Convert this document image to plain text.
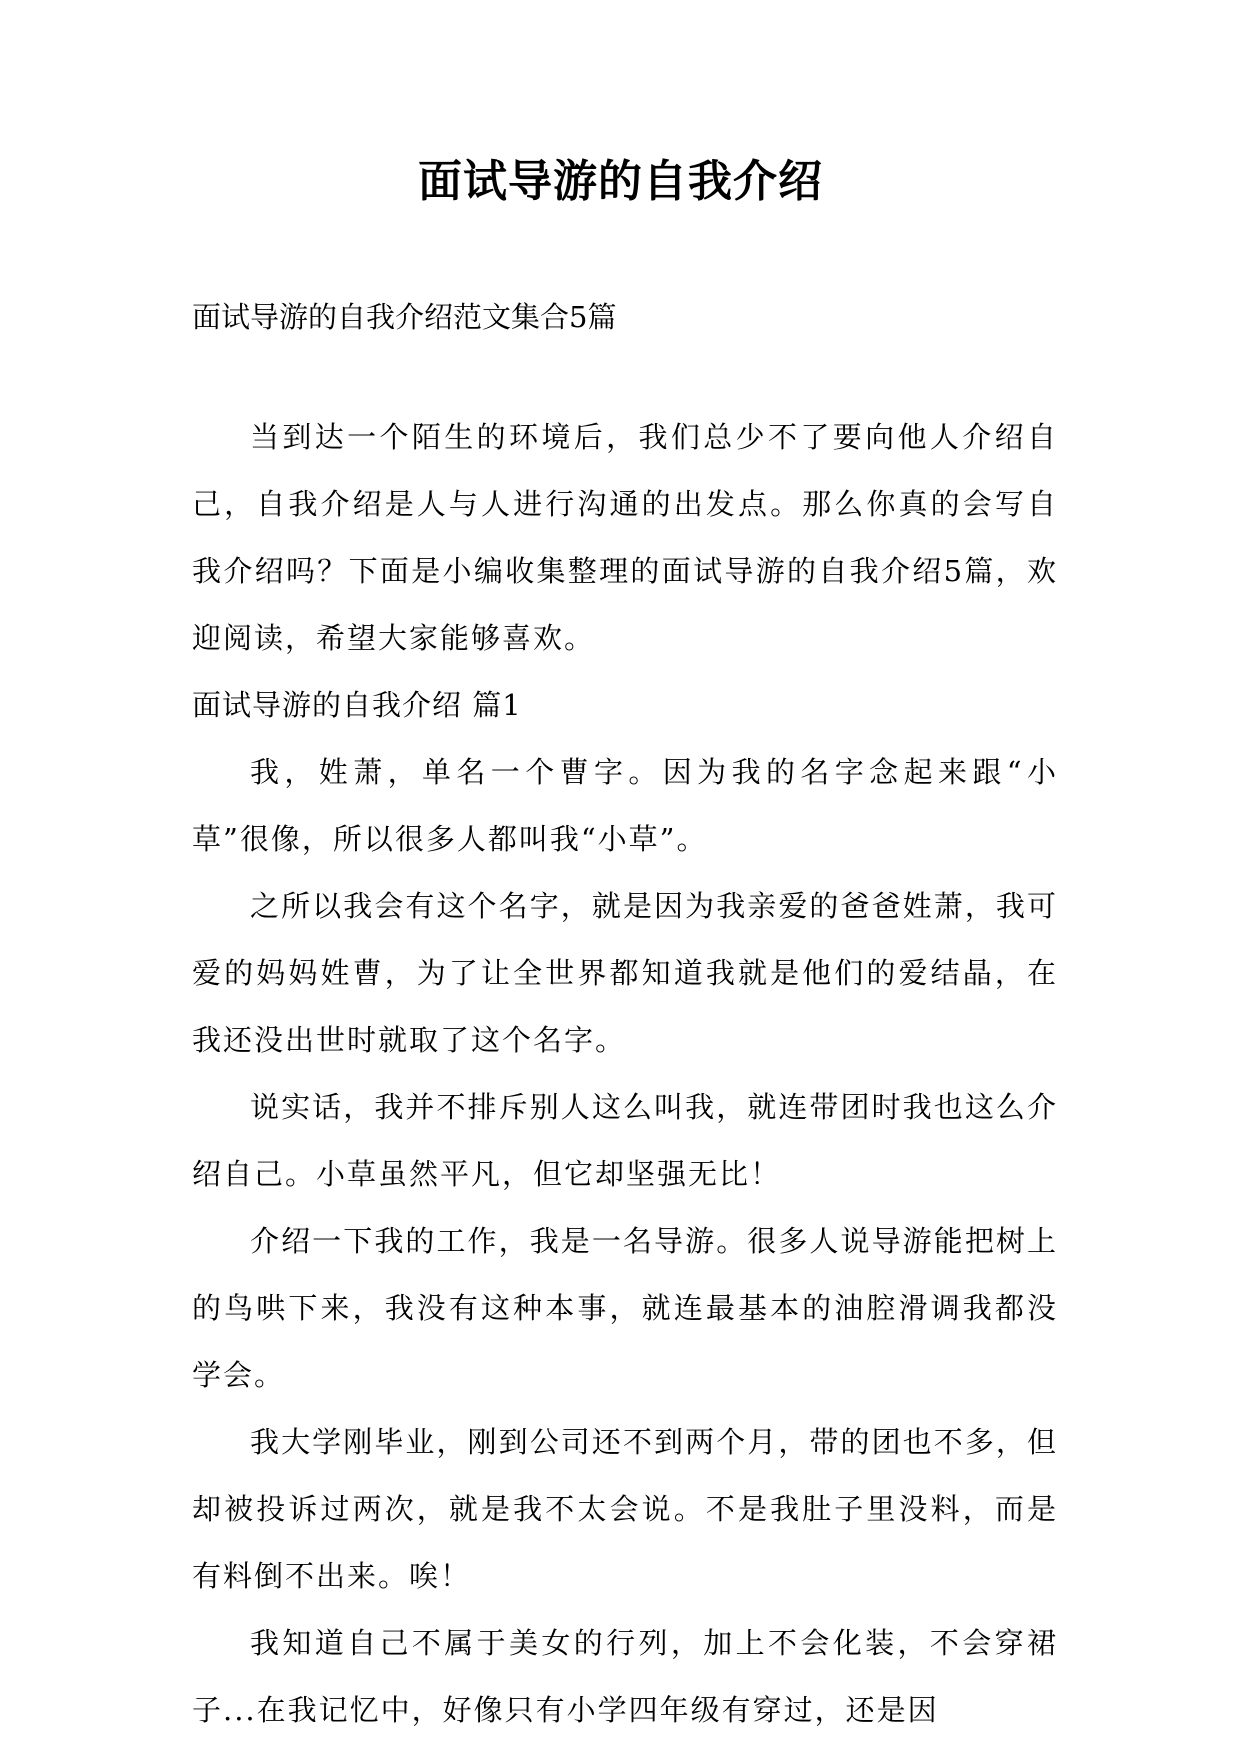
面试导游的自我介绍
面试导游的自我介绍范文集合5篇

当到达一个陌生的环境后，我们总少不了要向他人介绍自己，自我介绍是人与人进行沟通的出发点。那么你真的会写自我介绍吗？下面是小编收集整理的面试导游的自我介绍5篇，欢迎阅读，希望大家能够喜欢。

面试导游的自我介绍 篇1

我，姓萧，单名一个曹字。因为我的名字念起来跟“小草”很像，所以很多人都叫我“小草”。

之所以我会有这个名字，就是因为我亲爱的爸爸姓萧，我可爱的妈妈姓曹，为了让全世界都知道我就是他们的爱结晶，在我还没出世时就取了这个名字。

说实话，我并不排斥别人这么叫我，就连带团时我也这么介绍自己。小草虽然平凡，但它却坚强无比！

介绍一下我的工作，我是一名导游。很多人说导游能把树上的鸟哄下来，我没有这种本事，就连最基本的油腔滑调我都没学会。

我大学刚毕业，刚到公司还不到两个月，带的团也不多，但却被投诉过两次，就是我不太会说。不是我肚子里没料，而是有料倒不出来。唉！

我知道自己不属于美女的行列，加上不会化装，不会穿裙子...在我记忆中，好像只有小学四年级有穿过，还是因
